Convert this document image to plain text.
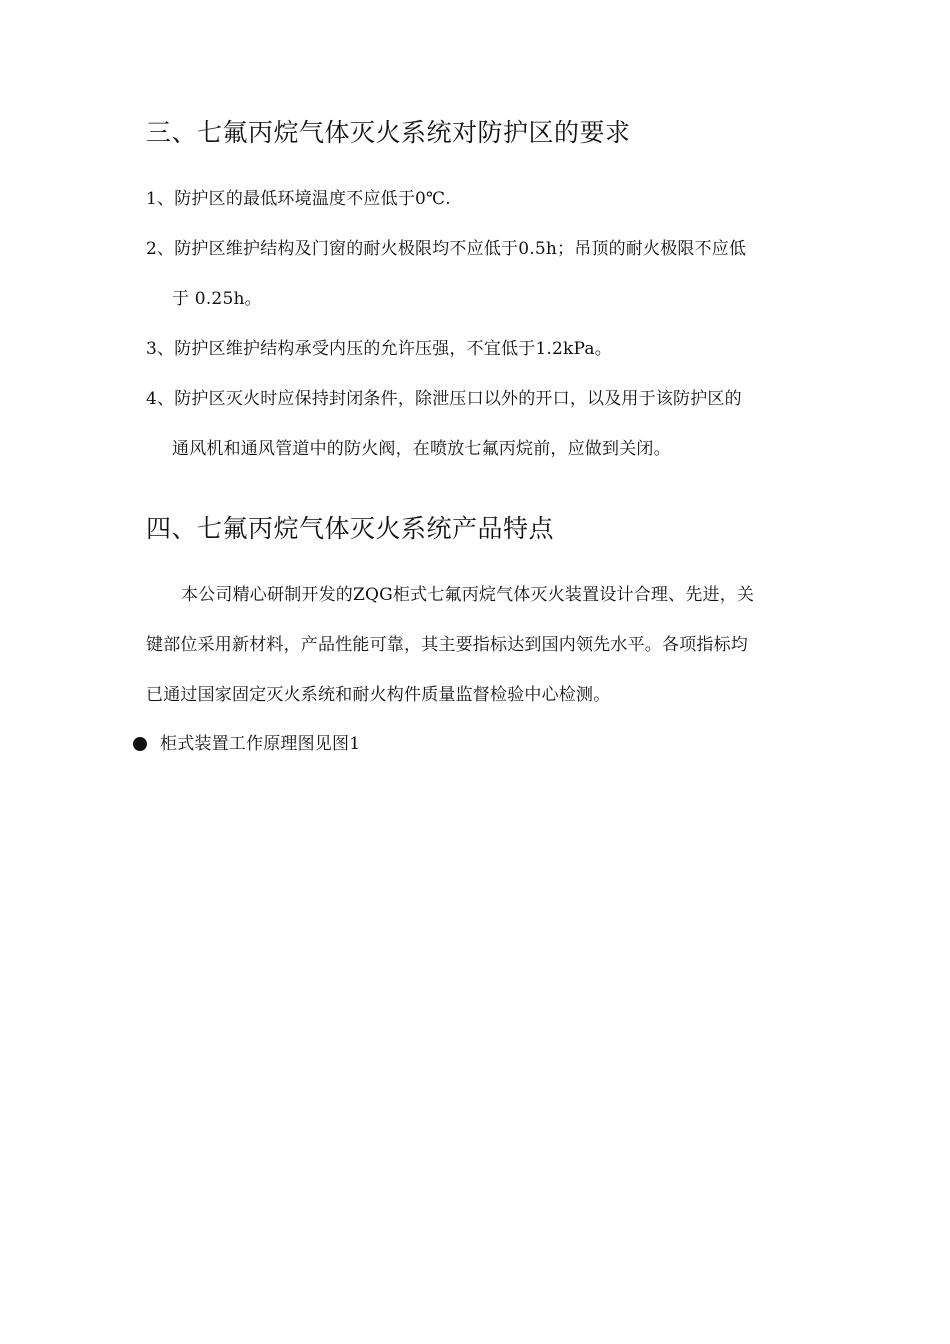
三、七氟丙烷气体灭火系统对防护区的要求
1、防护区的最低环境温度不应低于0℃.
2、防护区维护结构及门窗的耐火极限均不应低于0.5h；吊顶的耐火极限不应低
于 0.25h。
3、防护区维护结构承受内压的允许压强，不宜低于1.2kPa。
4、防护区灭火时应保持封闭条件，除泄压口以外的开口，以及用于该防护区的
通风机和通风管道中的防火阀，在喷放七氟丙烷前，应做到关闭。
四、七氟丙烷气体灭火系统产品特点
本公司精心研制开发的ZQG柜式七氟丙烷气体灭火装置设计合理、先进，关
键部位采用新材料，产品性能可靠，其主要指标达到国内领先水平。各项指标均
已通过国家固定灭火系统和耐火构件质量监督检验中心检测。
柜式装置工作原理图见图1
